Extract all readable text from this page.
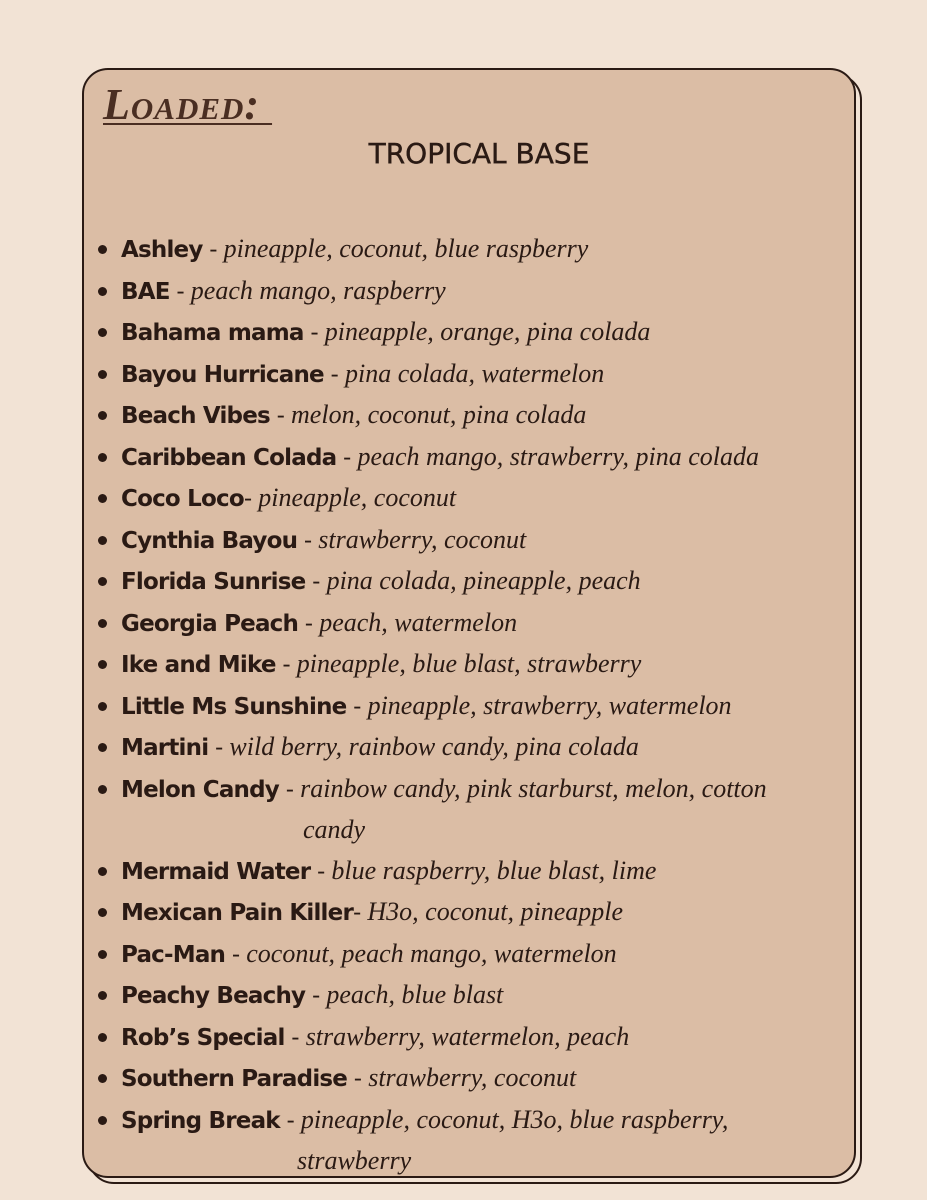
Loaded:
TROPICAL BASE
Ashley - pineapple, coconut, blue raspberry
BAE - peach mango, raspberry
Bahama mama - pineapple, orange, pina colada
Bayou Hurricane - pina colada, watermelon
Beach Vibes - melon, coconut, pina colada
Caribbean Colada - peach mango, strawberry, pina colada
Coco Loco- pineapple, coconut
Cynthia Bayou - strawberry, coconut
Florida Sunrise - pina colada, pineapple, peach
Georgia Peach - peach, watermelon
Ike and Mike - pineapple, blue blast, strawberry
Little Ms Sunshine - pineapple, strawberry, watermelon
Martini - wild berry, rainbow candy, pina colada
Melon Candy - rainbow candy, pink starburst, melon, cotton
candy
Mermaid Water - blue raspberry, blue blast, lime
Mexican Pain Killer- H3o, coconut, pineapple
Pac-Man - coconut, peach mango, watermelon
Peachy Beachy - peach, blue blast
Rob’s Special - strawberry, watermelon, peach
Southern Paradise - strawberry, coconut
Spring Break - pineapple, coconut, H3o, blue raspberry,
strawberry
